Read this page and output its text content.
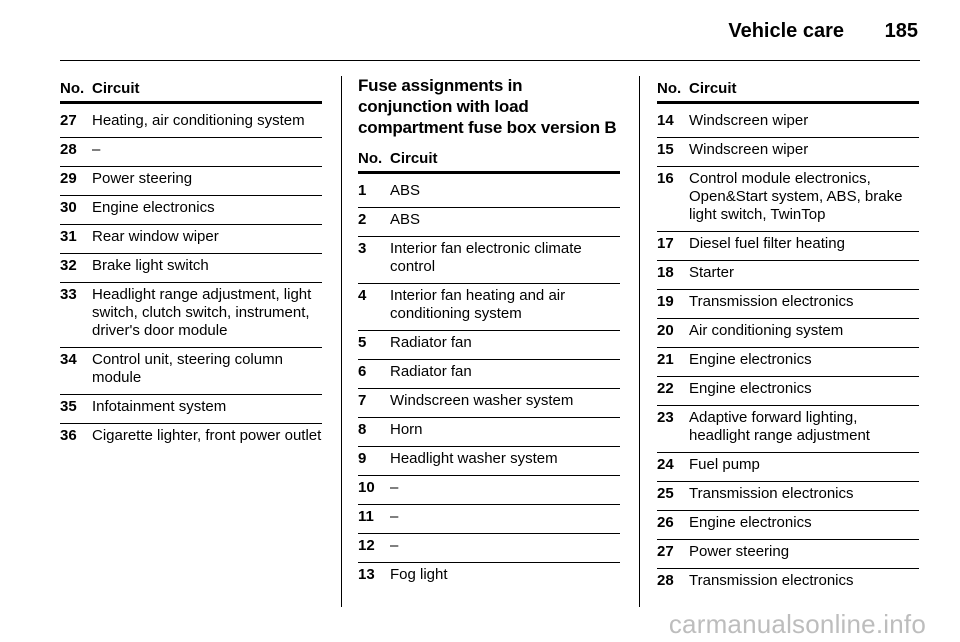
Vehicle care 185
No. Circuit
27	Heating, air conditioning system
28	–
29	Power steering
30	Engine electronics
31	Rear window wiper
32	Brake light switch
33	Headlight range adjustment, light switch, clutch switch, instrument, driver's door module
34	Control unit, steering column module
35	Infotainment system
36	Cigarette lighter, front power outlet
Fuse assignments in conjunction with load compartment fuse box version B
No. Circuit
1	ABS
2	ABS
3	Interior fan electronic climate control
4	Interior fan heating and air conditioning system
5	Radiator fan
6	Radiator fan
7	Windscreen washer system
8	Horn
9	Headlight washer system
10	–
11	–
12	–
13	Fog light
No. Circuit
14	Windscreen wiper
15	Windscreen wiper
16	Control module electronics, Open&Start system, ABS, brake light switch, TwinTop
17	Diesel fuel filter heating
18	Starter
19	Transmission electronics
20	Air conditioning system
21	Engine electronics
22	Engine electronics
23	Adaptive forward lighting, headlight range adjustment
24	Fuel pump
25	Transmission electronics
26	Engine electronics
27	Power steering
28	Transmission electronics
carmanualsonline.info
